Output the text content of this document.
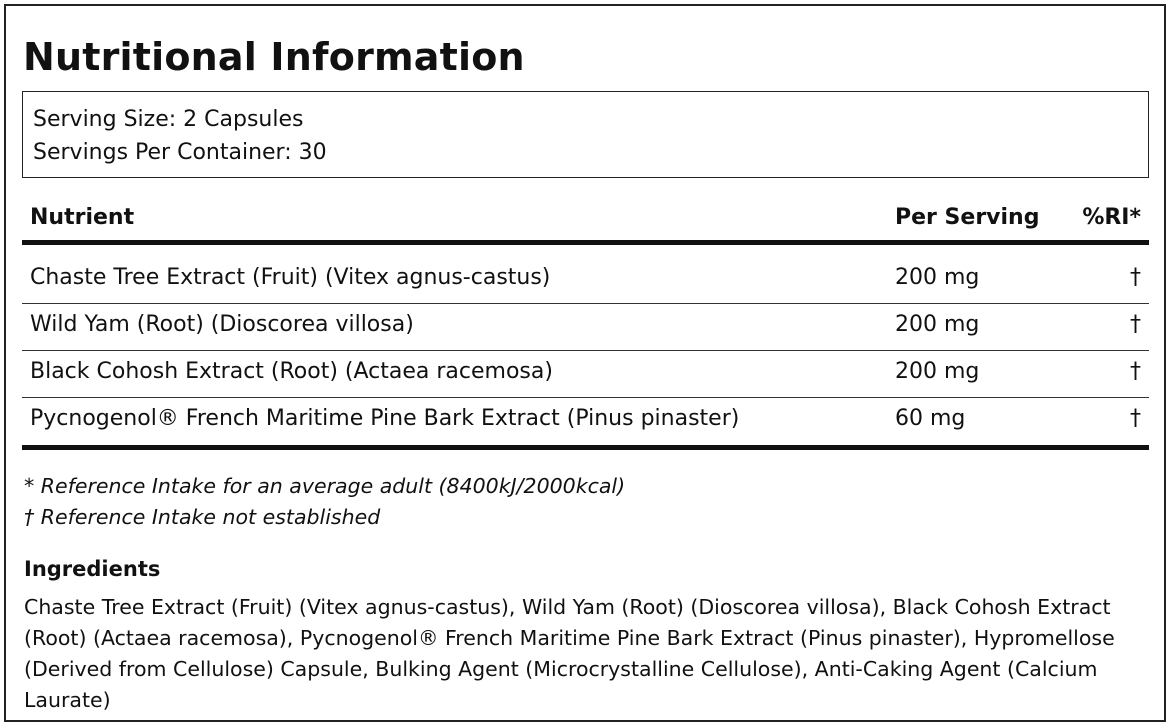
Nutritional Information
Serving Size: 2 Capsules
Servings Per Container: 30
Nutrient	Per Serving %RI*
Chaste Tree Extract (Fruit) (Vitex agnus-castus)	200 mg	†
Wild Yam (Root) (Dioscorea villosa)	200 mg	†
Black Cohosh Extract (Root) (Actaea racemosa)	200 mg	†
Pycnogenol® French Maritime Pine Bark Extract (Pinus pinaster)	60 mg	†
* Reference Intake for an average adult (8400kJ/2000kcal)
† Reference Intake not established
Ingredients
Chaste Tree Extract (Fruit) (Vitex agnus-castus), Wild Yam (Root) (Dioscorea villosa), Black Cohosh Extract (Root) (Actaea racemosa), Pycnogenol® French Maritime Pine Bark Extract (Pinus pinaster), Hypromellose (Derived from Cellulose) Capsule, Bulking Agent (Microcrystalline Cellulose), Anti-Caking Agent (Calcium Laurate)
